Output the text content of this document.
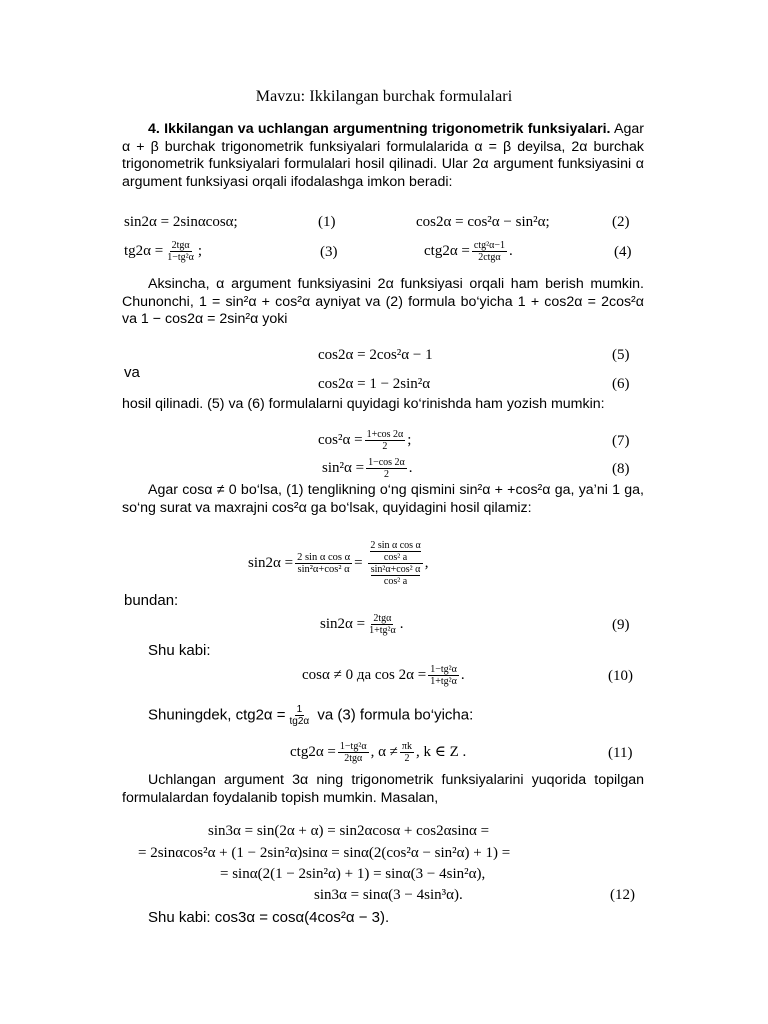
Mavzu: Ikkilangan burchak formulalari
4. Ikkilangan va uchlangan argumentning trigonometrik funksiyalari. Agar α + β burchak trigonometrik funksiyalari formulalarida α = β deyilsa, 2α burchak trigonometrik funksiyalari formulalari hosil qilinadi. Ular 2α argument funksiyasini α argument funksiyasi orqali ifodalashga imkon beradi:
sin2α = 2sinαcosα;	(1)	cos2α = cos²α − sin²α;	(2)
$tg2\alpha = \frac{\text{2tgα}}{\text{1−tg²α}}$ ;	(3)	$ctg2\alpha = \frac{\text{ctg²α−1}}{\text{2ctgα}}$ .	(4)
Aksincha, α argument funksiyasini 2α funksiyasi orqali ham berish mumkin. Chunonchi, 1 = sin²α + cos²α ayniyat va (2) formula bo‘yicha 1 + cos2α = 2cos²α va 1 − cos2α = 2sin²α yoki
cos2α = 2cos²α − 1	(5)
va
cos2α = 1 − 2sin²α	(6)
hosil qilinadi. (5) va (6) formulalarni quyidagi ko‘rinishda ham yozish mumkin:
$\cos^2\alpha = \frac{1+\cos 2\alpha}{2}$ ;	(7)
$\sin^2\alpha = \frac{1-\cos 2\alpha}{2}$ .	(8)
Agar cosα ≠ 0 bo‘lsa, (1) tenglikning o‘ng qismini sin²α + +cos²α ga, ya’ni 1 ga, so‘ng surat va maxrajni cos²α ga bo‘lsak, quyidagini hosil qilamiz:
$\sin 2\alpha = \frac{\text{2 sin α cos α}}{\text{sin²α+cos² α}} = 2$ sin α cos α
cos² a
sin²α+cos² α
cos² a ,
bundan:
$\sin 2\alpha = \frac{\text{2tgα}}{\text{1+tg²α}}$ .	(9)
Shu kabi:
cosα ≠ 0 да $\cos 2\alpha = \frac{\text{1−tg²α}}{\text{1+tg²α}}$ .	(10)
Shuningdek, $ctg2\alpha = \frac{1}{tg2\alpha}$ va (3) formula bo‘yicha:
$ctg2\alpha = \frac{\text{1−tg²α}}{\text{2tgα}}$ , $\alpha \ne \frac{\pi k}{2}$ , k ∈ Z .	(11)
Uchlangan argument 3α ning trigonometrik funksiyalarini yuqorida topilgan formulalardan foydalanib topish mumkin. Masalan,
sin3α = sin(2α + α) = sin2αcosα + cos2αsinα =
= 2sinαcos²α + (1 − 2sin²α)sinα = sinα(2(cos²α − sin²α) + 1) =
= sinα(2(1 − 2sin²α) + 1) = sinα(3 − 4sin²α),
sin3α = sinα(3 − 4sin³α).	(12)
Shu kabi: cos3α = cosα(4cos²α − 3).
